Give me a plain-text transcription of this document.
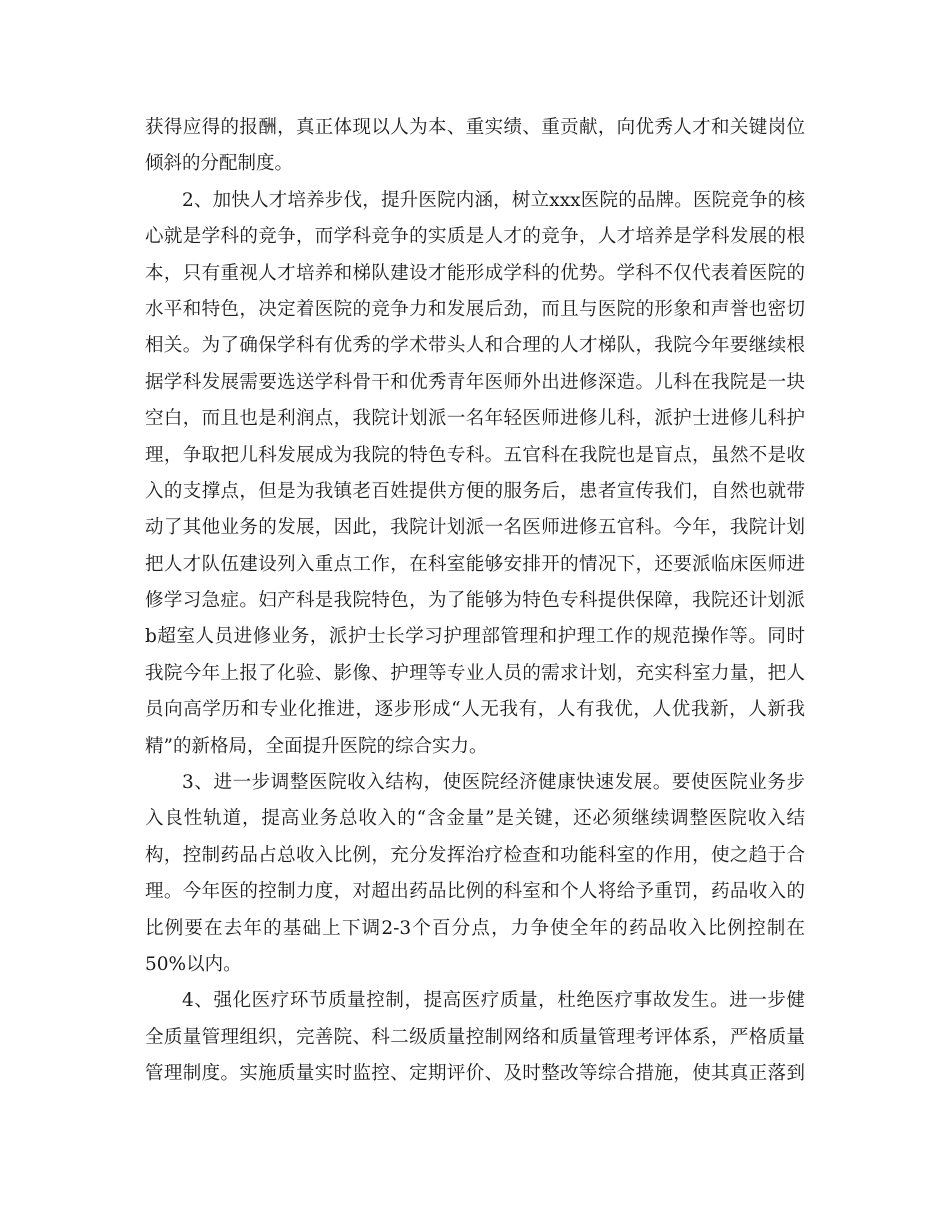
获得应得的报酬，真正体现以人为本、重实绩、重贡献，向优秀人才和关键岗位
倾斜的分配制度。
2、加快人才培养步伐，提升医院内涵，树立xxx医院的品牌。医院竞争的核
心就是学科的竞争，而学科竞争的实质是人才的竞争，人才培养是学科发展的根
本，只有重视人才培养和梯队建设才能形成学科的优势。学科不仅代表着医院的
水平和特色，决定着医院的竞争力和发展后劲，而且与医院的形象和声誉也密切
相关。为了确保学科有优秀的学术带头人和合理的人才梯队，我院今年要继续根
据学科发展需要选送学科骨干和优秀青年医师外出进修深造。儿科在我院是一块
空白，而且也是利润点，我院计划派一名年轻医师进修儿科，派护士进修儿科护
理，争取把儿科发展成为我院的特色专科。五官科在我院也是盲点，虽然不是收
入的支撑点，但是为我镇老百姓提供方便的服务后，患者宣传我们，自然也就带
动了其他业务的发展，因此，我院计划派一名医师进修五官科。今年，我院计划
把人才队伍建设列入重点工作，在科室能够安排开的情况下，还要派临床医师进
修学习急症。妇产科是我院特色，为了能够为特色专科提供保障，我院还计划派
b超室人员进修业务，派护士长学习护理部管理和护理工作的规范操作等。同时
我院今年上报了化验、影像、护理等专业人员的需求计划，充实科室力量，把人
员向高学历和专业化推进，逐步形成“人无我有，人有我优，人优我新，人新我
精”的新格局，全面提升医院的综合实力。
3、进一步调整医院收入结构，使医院经济健康快速发展。要使医院业务步
入良性轨道，提高业务总收入的“含金量”是关键，还必须继续调整医院收入结
构，控制药品占总收入比例，充分发挥治疗检查和功能科室的作用，使之趋于合
理。今年医的控制力度，对超出药品比例的科室和个人将给予重罚，药品收入的
比例要在去年的基础上下调2-3个百分点，力争使全年的药品收入比例控制在
50%以内。
4、强化医疗环节质量控制，提高医疗质量，杜绝医疗事故发生。进一步健
全质量管理组织，完善院、科二级质量控制网络和质量管理考评体系，严格质量
管理制度。实施质量实时监控、定期评价、及时整改等综合措施，使其真正落到
